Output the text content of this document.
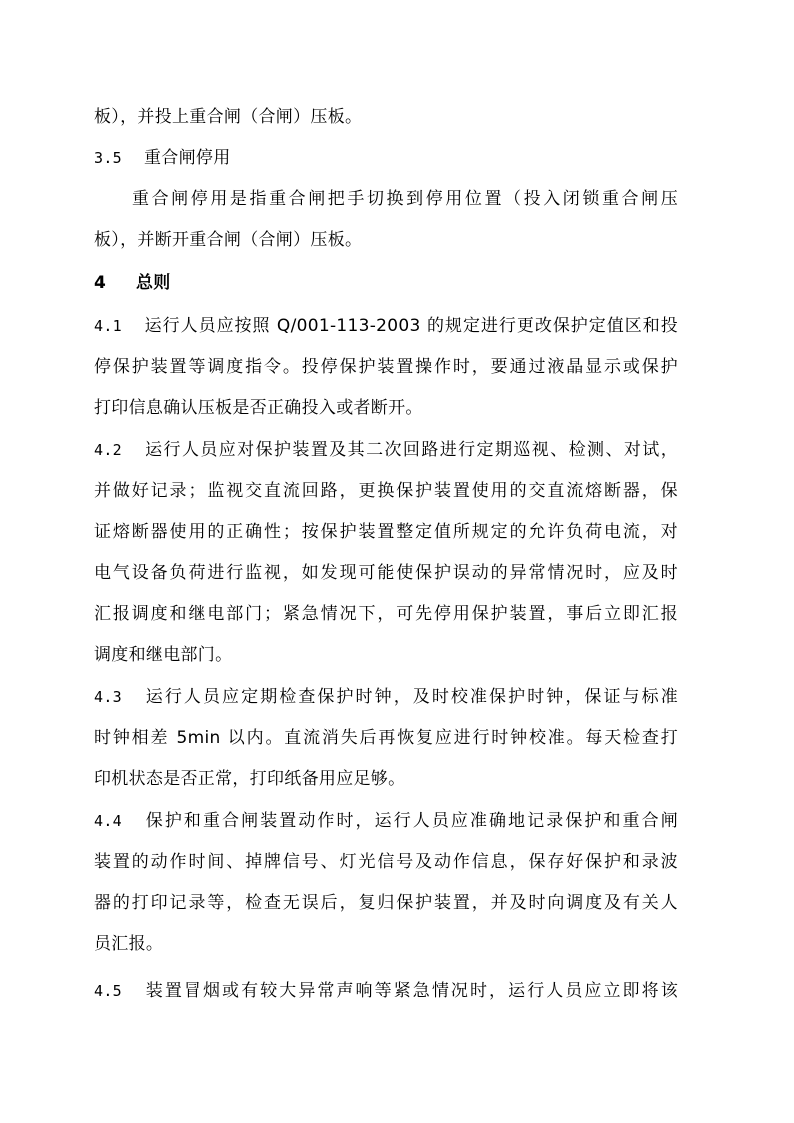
板），并投上重合闸（合闸）压板。
3.5 重合闸停用
重合闸停用是指重合闸把手切换到停用位置（投入闭锁重合闸压
板），并断开重合闸（合闸）压板。
4 总则
4.1 运行人员应按照 Q/001-113-2003 的规定进行更改保护定值区和投
停保护装置等调度指令。投停保护装置操作时，要通过液晶显示或保护
打印信息确认压板是否正确投入或者断开。
4.2 运行人员应对保护装置及其二次回路进行定期巡视、检测、对试，
并做好记录；监视交直流回路，更换保护装置使用的交直流熔断器，保
证熔断器使用的正确性；按保护装置整定值所规定的允许负荷电流，对
电气设备负荷进行监视，如发现可能使保护误动的异常情况时，应及时
汇报调度和继电部门；紧急情况下，可先停用保护装置，事后立即汇报
调度和继电部门。
4.3 运行人员应定期检查保护时钟，及时校准保护时钟，保证与标准
时钟相差 5min 以内。直流消失后再恢复应进行时钟校准。每天检查打
印机状态是否正常，打印纸备用应足够。
4.4 保护和重合闸装置动作时，运行人员应准确地记录保护和重合闸
装置的动作时间、掉牌信号、灯光信号及动作信息，保存好保护和录波
器的打印记录等，检查无误后，复归保护装置，并及时向调度及有关人
员汇报。
4.5 装置冒烟或有较大异常声响等紧急情况时，运行人员应立即将该
